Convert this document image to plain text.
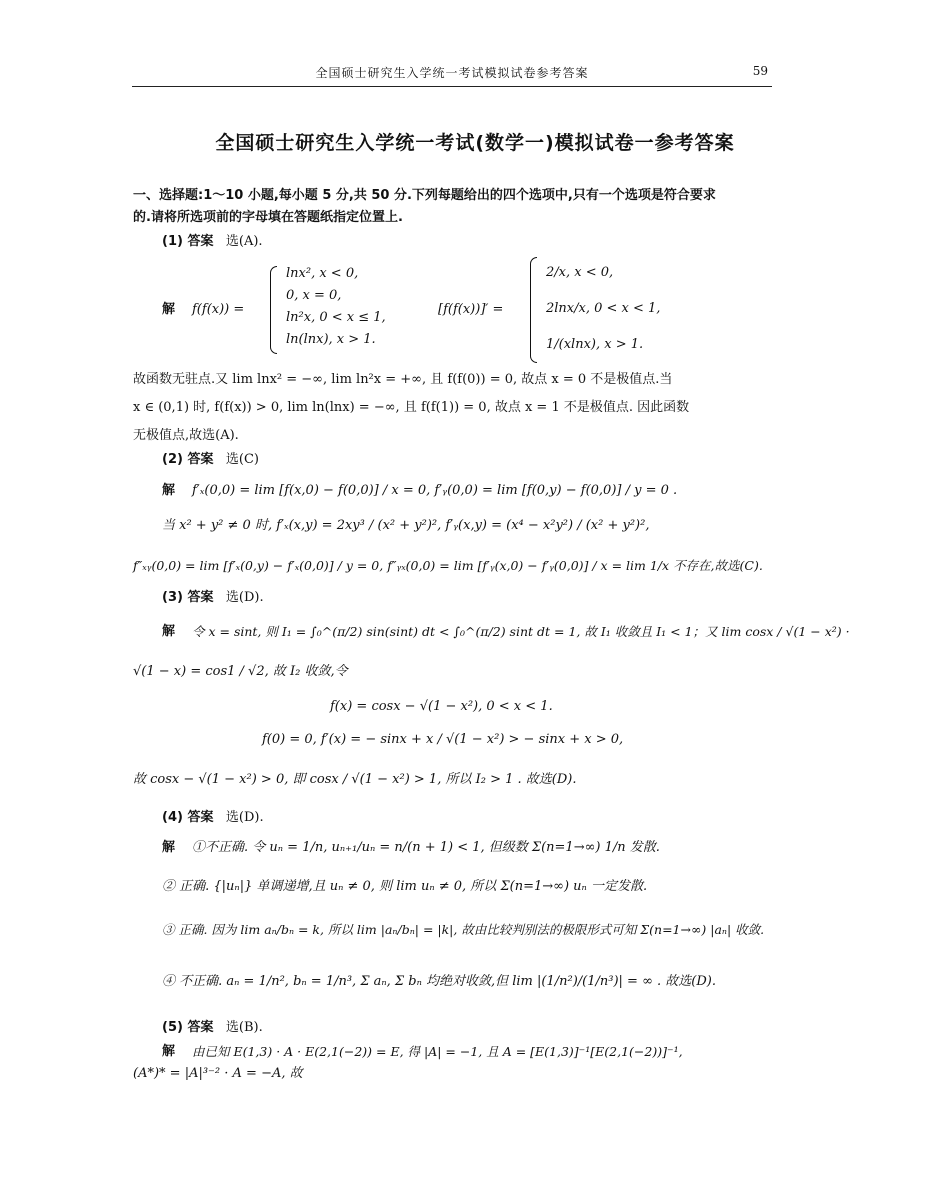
全国硕士研究生入学统一考试模拟试卷参考答案	59
全国硕士研究生入学统一考试(数学一)模拟试卷一参考答案
一、选择题:1～10 小题,每小题 5 分,共 50 分.下列每题给出的四个选项中,只有一个选项是符合要求
的.请将所选项前的字母填在答题纸指定位置上.
(1) 答案 选(A).
解 f(f(x)) =
lnx², x < 0,
0, x = 0,
ln²x, 0 < x ≤ 1,
ln(lnx), x > 1.
[f(f(x))]′ =
2/x, x < 0,
2lnx/x, 0 < x < 1,
1/(xlnx), x > 1.
故函数无驻点.又 lim lnx² = −∞, lim ln²x = +∞, 且 f(f(0)) = 0, 故点 x = 0 不是极值点.当
x ∈ (0,1) 时, f(f(x)) > 0, lim ln(lnx) = −∞, 且 f(f(1)) = 0, 故点 x = 1 不是极值点. 因此函数
无极值点,故选(A).
(2) 答案 选(C)
解 f′ₓ(0,0) = lim [f(x,0) − f(0,0)] / x = 0, f′ᵧ(0,0) = lim [f(0,y) − f(0,0)] / y = 0 .
当 x² + y² ≠ 0 时, f′ₓ(x,y) = 2xy³ / (x² + y²)², f′ᵧ(x,y) = (x⁴ − x²y²) / (x² + y²)²,
f″ₓᵧ(0,0) = lim [f′ₓ(0,y) − f′ₓ(0,0)] / y = 0, f″ᵧₓ(0,0) = lim [f′ᵧ(x,0) − f′ᵧ(0,0)] / x = lim 1/x 不存在,故选(C).
(3) 答案 选(D).
解 令 x = sint, 则 I₁ = ∫₀^(π/2) sin(sint) dt < ∫₀^(π/2) sint dt = 1, 故 I₁ 收敛且 I₁ < 1；又 lim cosx / √(1 − x²) ·
√(1 − x) = cos1 / √2, 故 I₂ 收敛,令
f(x) = cosx − √(1 − x²), 0 < x < 1.
f(0) = 0, f′(x) = − sinx + x / √(1 − x²) > − sinx + x > 0,
故 cosx − √(1 − x²) > 0, 即 cosx / √(1 − x²) > 1, 所以 I₂ > 1 . 故选(D).
(4) 答案 选(D).
解 ①不正确. 令 uₙ = 1/n, uₙ₊₁/uₙ = n/(n + 1) < 1, 但级数 Σ(n=1→∞) 1/n 发散.
② 正确. {|uₙ|} 单调递增,且 uₙ ≠ 0, 则 lim uₙ ≠ 0, 所以 Σ(n=1→∞) uₙ 一定发散.
③ 正确. 因为 lim aₙ/bₙ = k, 所以 lim |aₙ/bₙ| = |k|, 故由比较判别法的极限形式可知 Σ(n=1→∞) |aₙ| 收敛.
④ 不正确. aₙ = 1/n², bₙ = 1/n³, Σ aₙ, Σ bₙ 均绝对收敛,但 lim |(1/n²)/(1/n³)| = ∞ . 故选(D).
(5) 答案 选(B).
解 由已知 E(1,3) · A · E(2,1(−2)) = E, 得 |A| = −1, 且 A = [E(1,3)]⁻¹[E(2,1(−2))]⁻¹,
(A*)* = |A|³⁻² · A = −A, 故
